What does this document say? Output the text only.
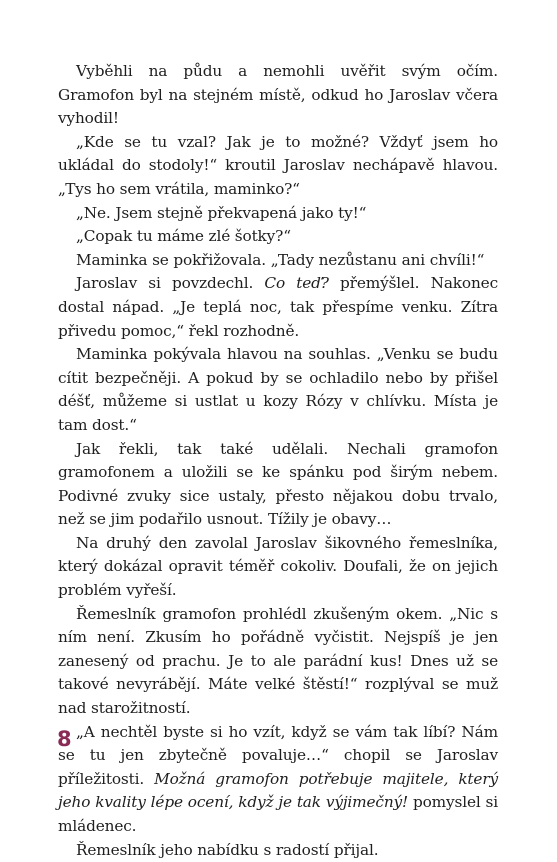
Vyběhli na půdu a nemohli uvěřit svým očím. Gramofon byl na stejném místě, odkud ho Jaroslav včera vyhodil!

„Kde se tu vzal? Jak je to možné? Vždyť jsem ho ukládal do stodoly!“ kroutil Jaroslav nechápavě hlavou. „Tys ho sem vrátila, maminko?“

„Ne. Jsem stejně překvapená jako ty!“

„Copak tu máme zlé šotky?“

Maminka se pokřižovala. „Tady nezůstanu ani chvíli!“

Jaroslav si povzdechl. Co teď? přemýšlel. Nakonec dostal nápad. „Je teplá noc, tak přespíme venku. Zítra přivedu pomoc,“ řekl rozhodně.

Maminka pokývala hlavou na souhlas. „Venku se budu cítit bezpečněji. A pokud by se ochladilo nebo by přišel déšť, můžeme si ustlat u kozy Rózy v chlívku. Místa je tam dost.“

Jak řekli, tak také udělali. Nechali gramofon gramofonem a uložili se ke spánku pod širým nebem. Podivné zvuky sice ustaly, přesto nějakou dobu trvalo, než se jim podařilo usnout. Tížily je obavy…

Na druhý den zavolal Jaroslav šikovného řemeslníka, který dokázal opravit téměř cokoliv. Doufali, že on jejich problém vyřeší.

Řemeslník gramofon prohlédl zkušeným okem. „Nic s ním není. Zkusím ho pořádně vyčistit. Nejspíš je jen zanesený od prachu. Je to ale parádní kus! Dnes už se takové nevyrábějí. Máte velké štěstí!“ rozplýval se muž nad starožitností.

„A nechtěl byste si ho vzít, když se vám tak líbí? Nám se tu jen zbytečně povaluje…“ chopil se Jaroslav příležitosti. Možná gramofon potřebuje majitele, který jeho kvality lépe ocení, když je tak výjimečný! pomyslel si mládenec.

Řemeslník jeho nabídku s radostí přijal.

8
